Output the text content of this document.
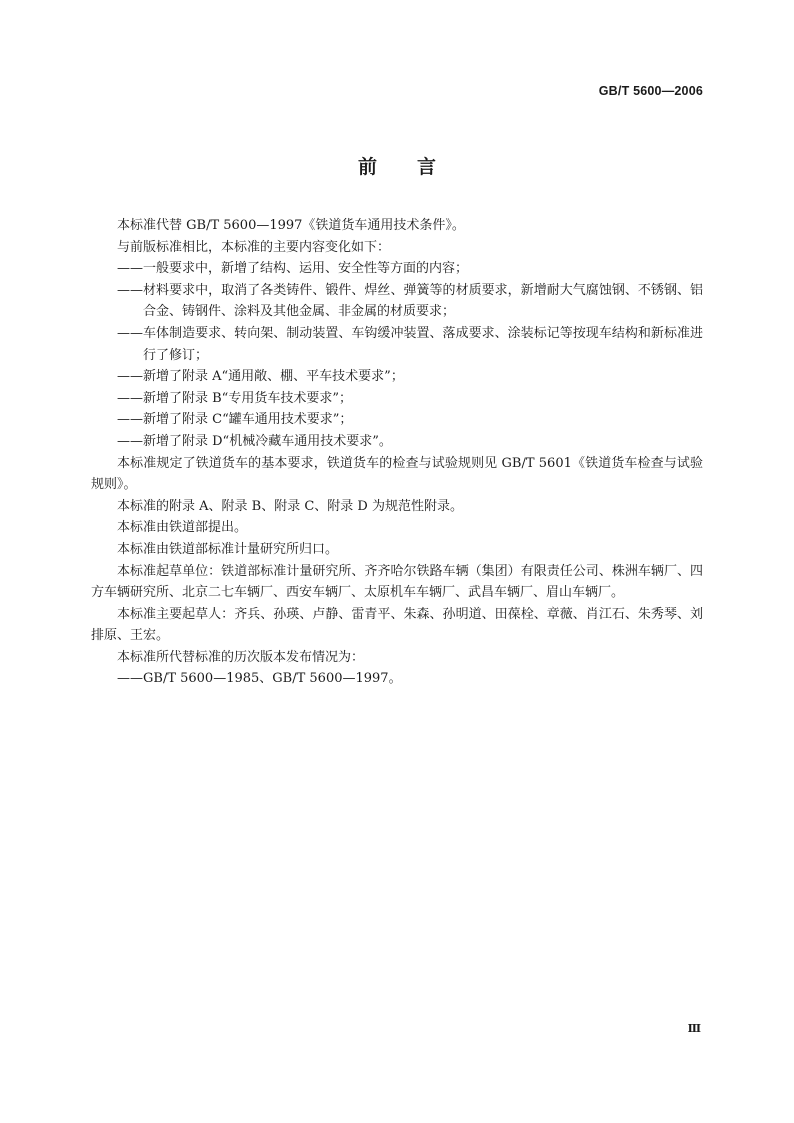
GB/T 5600—2006
前言

本标准代替 GB/T 5600—1997《铁道货车通用技术条件》。

与前版标准相比，本标准的主要内容变化如下：

——一般要求中，新增了结构、运用、安全性等方面的内容；

——材料要求中，取消了各类铸件、锻件、焊丝、弹簧等的材质要求，新增耐大气腐蚀钢、不锈钢、铝合金、铸钢件、涂料及其他金属、非金属的材质要求；

——车体制造要求、转向架、制动装置、车钩缓冲装置、落成要求、涂装标记等按现车结构和新标准进行了修订；

——新增了附录 A“通用敞、棚、平车技术要求”；

——新增了附录 B“专用货车技术要求”；

——新增了附录 C“罐车通用技术要求”；

——新增了附录 D“机械冷藏车通用技术要求”。

本标准规定了铁道货车的基本要求，铁道货车的检查与试验规则见 GB/T 5601《铁道货车检查与试验规则》。

本标准的附录 A、附录 B、附录 C、附录 D 为规范性附录。

本标准由铁道部提出。

本标准由铁道部标准计量研究所归口。

本标准起草单位：铁道部标准计量研究所、齐齐哈尔铁路车辆（集团）有限责任公司、株洲车辆厂、四方车辆研究所、北京二七车辆厂、西安车辆厂、太原机车车辆厂、武昌车辆厂、眉山车辆厂。

本标准主要起草人：齐兵、孙瑛、卢静、雷青平、朱森、孙明道、田葆栓、章薇、肖江石、朱秀琴、刘排原、王宏。

本标准所代替标准的历次版本发布情况为：

——GB/T 5600—1985、GB/T 5600—1997。

Ⅲ
